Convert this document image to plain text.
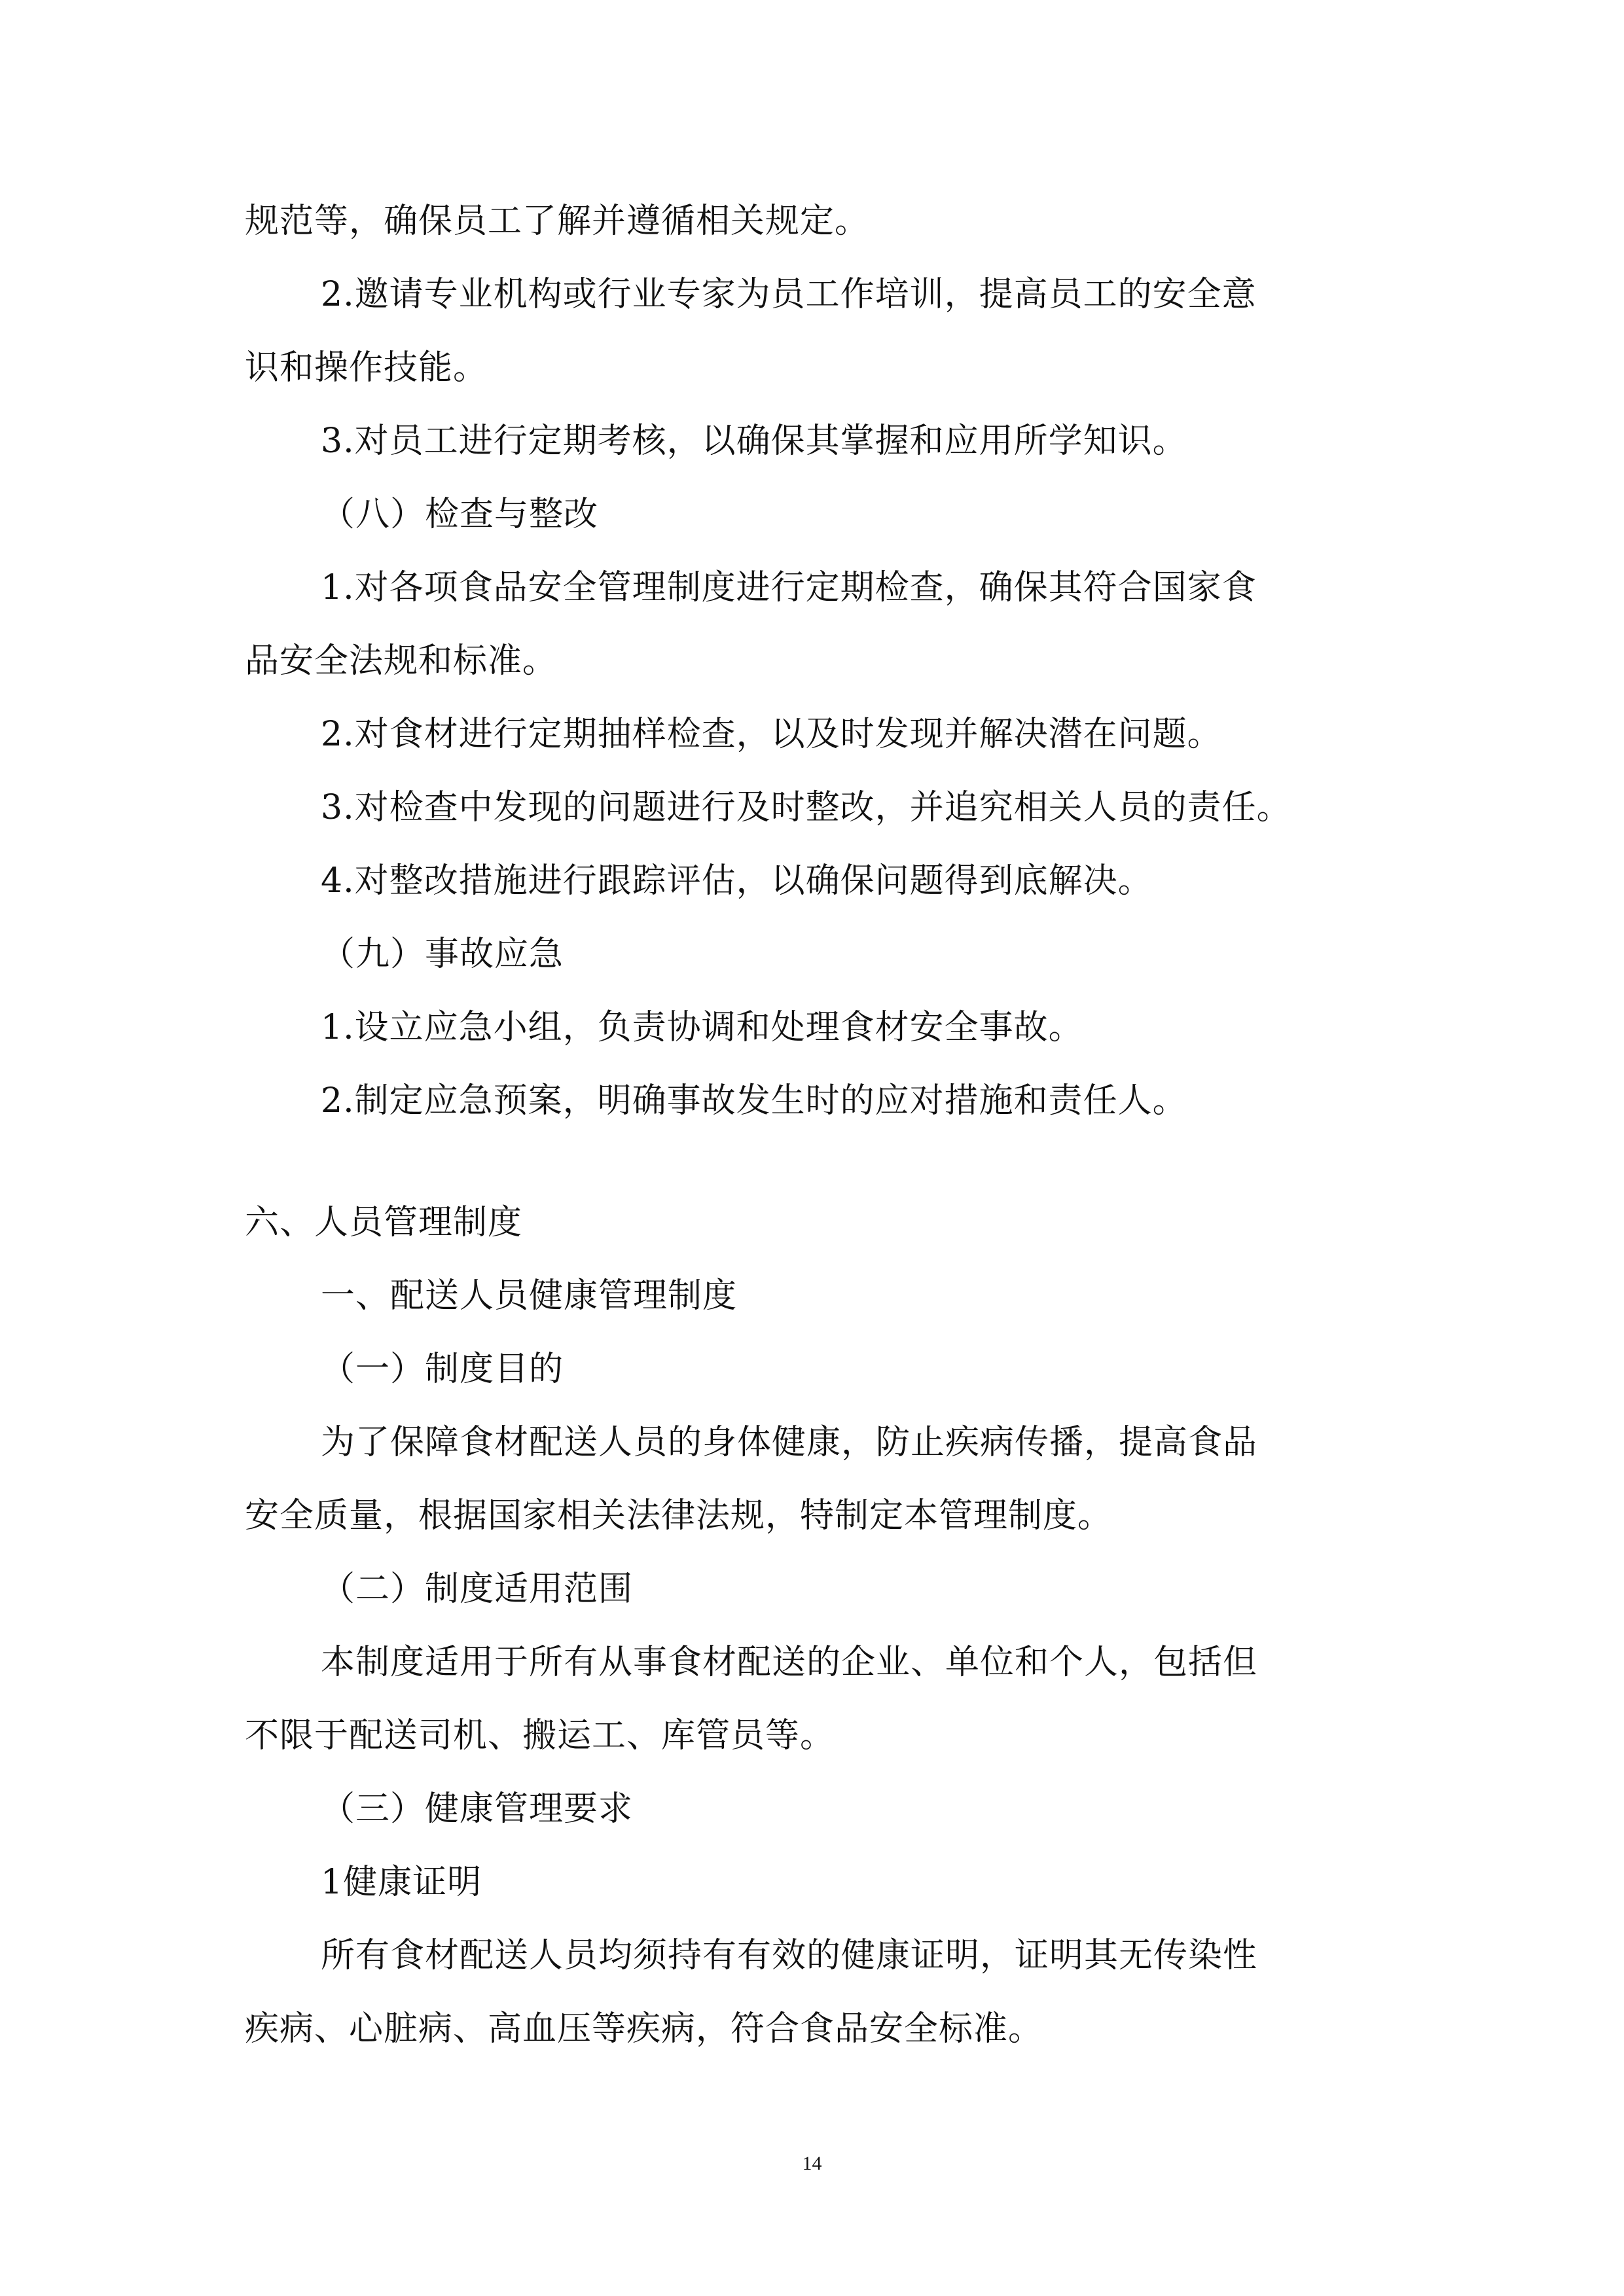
规范等，确保员工了解并遵循相关规定。
2.邀请专业机构或行业专家为员工作培训，提高员工的安全意
识和操作技能。
3.对员工进行定期考核，以确保其掌握和应用所学知识。
（八）检查与整改
1.对各项食品安全管理制度进行定期检查，确保其符合国家食
品安全法规和标准。
2.对食材进行定期抽样检查，以及时发现并解决潜在问题。
3.对检查中发现的问题进行及时整改，并追究相关人员的责任。
4.对整改措施进行跟踪评估，以确保问题得到底解决。
（九）事故应急
1.设立应急小组，负责协调和处理食材安全事故。
2.制定应急预案，明确事故发生时的应对措施和责任人。
六、人员管理制度
一、配送人员健康管理制度
（一）制度目的
为了保障食材配送人员的身体健康，防止疾病传播，提高食品
安全质量，根据国家相关法律法规，特制定本管理制度。
（二）制度适用范围
本制度适用于所有从事食材配送的企业、单位和个人，包括但
不限于配送司机、搬运工、库管员等。
（三）健康管理要求
1健康证明
所有食材配送人员均须持有有效的健康证明，证明其无传染性
疾病、心脏病、高血压等疾病，符合食品安全标准。
14
